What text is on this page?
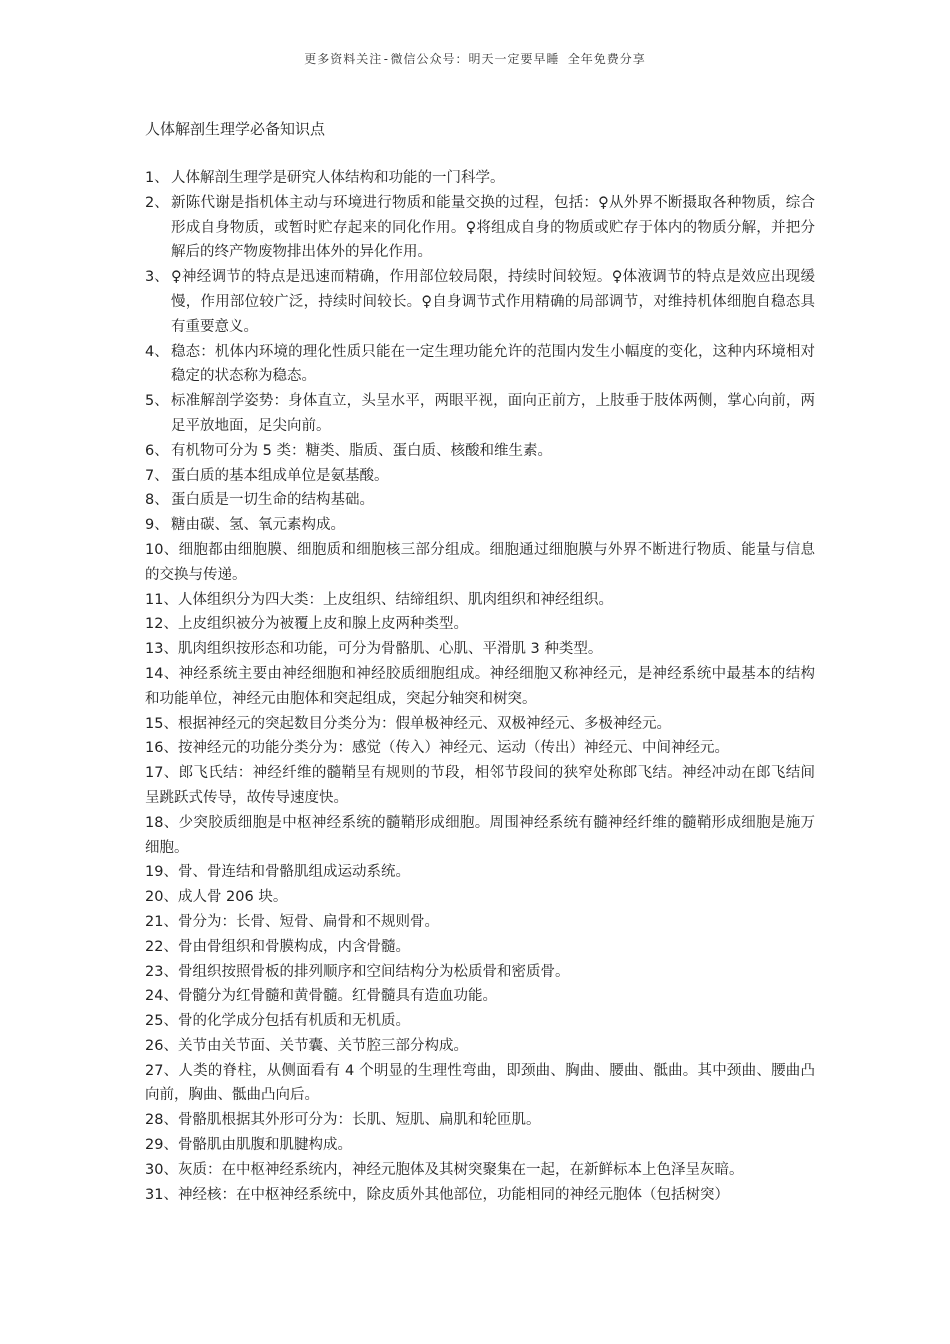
更多资料关注-微信公众号：明天一定要早睡 全年免费分享
人体解剖生理学必备知识点
1、 人体解剖生理学是研究人体结构和功能的一门科学。
2、 新陈代谢是指机体主动与环境进行物质和能量交换的过程，包括：♀从外界不断摄取各种物质，综合形成自身物质，或暂时贮存起来的同化作用。♀将组成自身的物质或贮存于体内的物质分解，并把分解后的终产物废物排出体外的异化作用。
3、 ♀神经调节的特点是迅速而精确，作用部位较局限，持续时间较短。♀体液调节的特点是效应出现缓慢，作用部位较广泛，持续时间较长。♀自身调节式作用精确的局部调节，对维持机体细胞自稳态具有重要意义。
4、 稳态：机体内环境的理化性质只能在一定生理功能允许的范围内发生小幅度的变化，这种内环境相对稳定的状态称为稳态。
5、 标准解剖学姿势：身体直立，头呈水平，两眼平视，面向正前方，上肢垂于肢体两侧，掌心向前，两足平放地面，足尖向前。
6、 有机物可分为 5 类：糖类、脂质、蛋白质、核酸和维生素。
7、 蛋白质的基本组成单位是氨基酸。
8、 蛋白质是一切生命的结构基础。
9、 糖由碳、氢、氧元素构成。
10、细胞都由细胞膜、细胞质和细胞核三部分组成。细胞通过细胞膜与外界不断进行物质、能量与信息的交换与传递。
11、人体组织分为四大类：上皮组织、结缔组织、肌肉组织和神经组织。
12、上皮组织被分为被覆上皮和腺上皮两种类型。
13、肌肉组织按形态和功能，可分为骨骼肌、心肌、平滑肌 3 种类型。
14、神经系统主要由神经细胞和神经胶质细胞组成。神经细胞又称神经元，是神经系统中最基本的结构和功能单位，神经元由胞体和突起组成，突起分轴突和树突。
15、根据神经元的突起数目分类分为：假单极神经元、双极神经元、多极神经元。
16、按神经元的功能分类分为：感觉（传入）神经元、运动（传出）神经元、中间神经元。
17、郎飞氏结：神经纤维的髓鞘呈有规则的节段，相邻节段间的狭窄处称郎飞结。神经冲动在郎飞结间呈跳跃式传导，故传导速度快。
18、少突胶质细胞是中枢神经系统的髓鞘形成细胞。周围神经系统有髓神经纤维的髓鞘形成细胞是施万细胞。
19、骨、骨连结和骨骼肌组成运动系统。
20、成人骨 206 块。
21、骨分为：长骨、短骨、扁骨和不规则骨。
22、骨由骨组织和骨膜构成，内含骨髓。
23、骨组织按照骨板的排列顺序和空间结构分为松质骨和密质骨。
24、骨髓分为红骨髓和黄骨髓。红骨髓具有造血功能。
25、骨的化学成分包括有机质和无机质。
26、关节由关节面、关节囊、关节腔三部分构成。
27、人类的脊柱，从侧面看有 4 个明显的生理性弯曲，即颈曲、胸曲、腰曲、骶曲。其中颈曲、腰曲凸向前，胸曲、骶曲凸向后。
28、骨骼肌根据其外形可分为：长肌、短肌、扁肌和轮匝肌。
29、骨骼肌由肌腹和肌腱构成。
30、灰质：在中枢神经系统内，神经元胞体及其树突聚集在一起，在新鲜标本上色泽呈灰暗。
31、神经核：在中枢神经系统中，除皮质外其他部位，功能相同的神经元胞体（包括树突）
